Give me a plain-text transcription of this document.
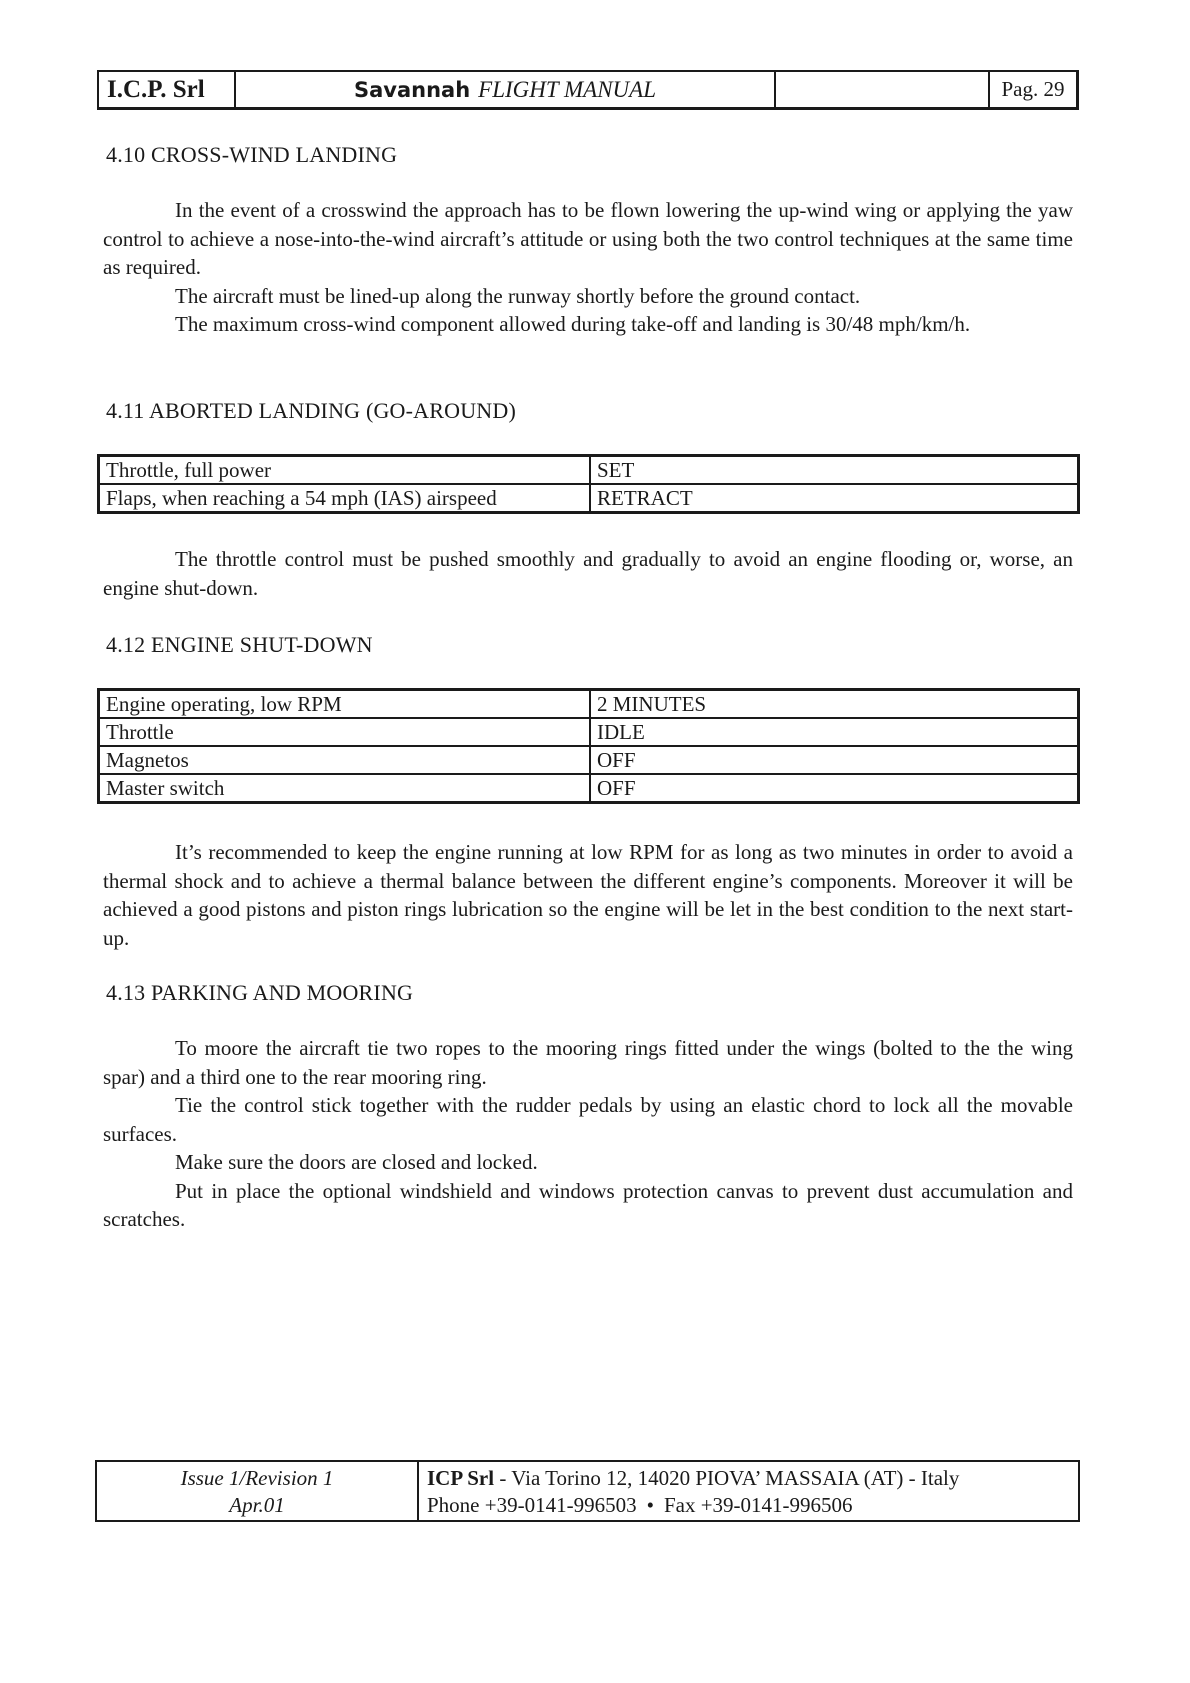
I.C.P. Srl	Savannah FLIGHT MANUAL	Pag. 29
4.10 CROSS-WIND LANDING

In the event of a crosswind the approach has to be flown lowering the up-wind wing or applying the yaw control to achieve a nose-into-the-wind aircraft’s attitude or using both the two control techniques at the same time as required.

The aircraft must be lined-up along the runway shortly before the ground contact.

The maximum cross-wind component allowed during take-off and landing is 30/48 mph/km/h.

4.11 ABORTED LANDING (GO-AROUND)
Throttle, full power	SET
Flaps, when reaching a 54 mph (IAS) airspeed	RETRACT

The throttle control must be pushed smoothly and gradually to avoid an engine flooding or, worse, an engine shut-down.

4.12 ENGINE SHUT-DOWN
Engine operating, low RPM	2 MINUTES
Throttle	IDLE
Magnetos	OFF
Master switch	OFF

It’s recommended to keep the engine running at low RPM for as long as two minutes in order to avoid a thermal shock and to achieve a thermal balance between the different engine’s components. Moreover it will be achieved a good pistons and piston rings lubrication so the engine will be let in the best condition to the next start-up.

4.13 PARKING AND MOORING

To moore the aircraft tie two ropes to the mooring rings fitted under the wings (bolted to the the wing spar) and a third one to the rear mooring ring.

Tie the control stick together with the rudder pedals by using an elastic chord to lock all the movable surfaces.

Make sure the doors are closed and locked.

Put in place the optional windshield and windows protection canvas to prevent dust accumulation and scratches.

Issue 1/Revision 1
Apr.01
ICP Srl - Via Torino 12, 14020 PIOVA’ MASSAIA (AT) - Italy
Phone +39-0141-996503 • Fax +39-0141-996506
